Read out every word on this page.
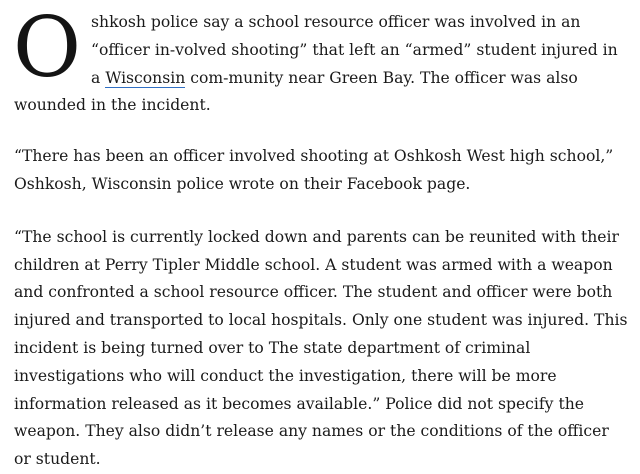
Oshkosh police say a school resource officer was involved in an “officer in-volved shooting” that left an “armed” student injured in a Wisconsin com-munity near Green Bay. The officer was also wounded in the incident.

“There has been an officer involved shooting at Oshkosh West high school,” Oshkosh, Wisconsin police wrote on their Facebook page.

“The school is currently locked down and parents can be reunited with their children at Perry Tipler Middle school. A student was armed with a weapon and confronted a school resource officer. The student and officer were both injured and transported to local hospitals. Only one student was injured. This incident is being turned over to The state department of criminal investigations who will conduct the investigation, there will be more information released as it becomes available.” Police did not specify the weapon. They also didn’t release any names or the conditions of the officer or student.
